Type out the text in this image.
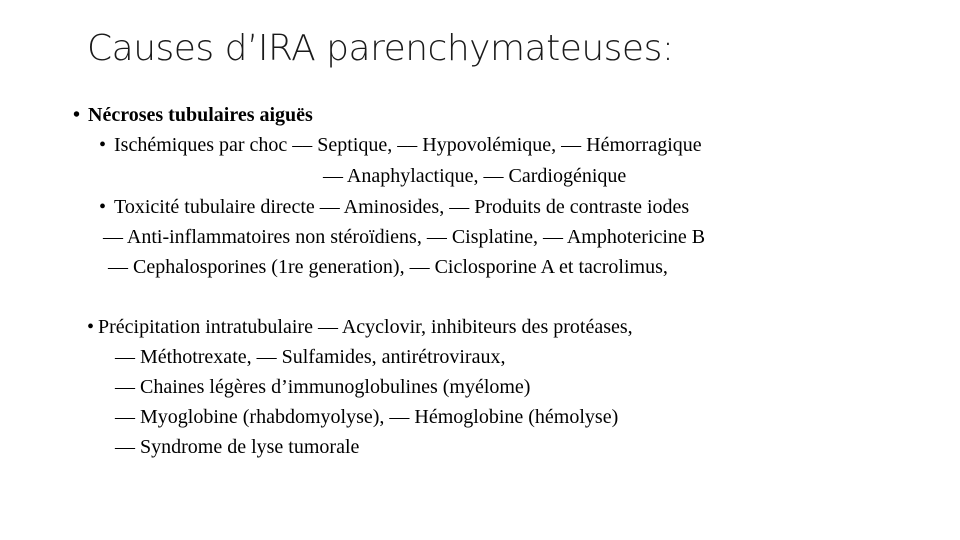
Causes d’IRA parenchymateuses:
• Nécroses tubulaires aiguës
• Ischémiques par choc –– Septique, –– Hypovolémique, — Hémorragique
— Anaphylactique, — Cardiogénique
• Toxicité tubulaire directe — Aminosides, — Produits de contraste iodes
— Anti-inflammatoires non stéroïdiens, — Cisplatine, — Amphotericine B
— Cephalosporines (1re generation), — Ciclosporine A et tacrolimus,
• Précipitation intratubulaire — Acyclovir, inhibiteurs des protéases,
— Méthotrexate, — Sulfamides, antirétroviraux,
— Chaines légères d’immunoglobulines (myélome)
— Myoglobine (rhabdomyolyse), — Hémoglobine (hémolyse)
— Syndrome de lyse tumorale
